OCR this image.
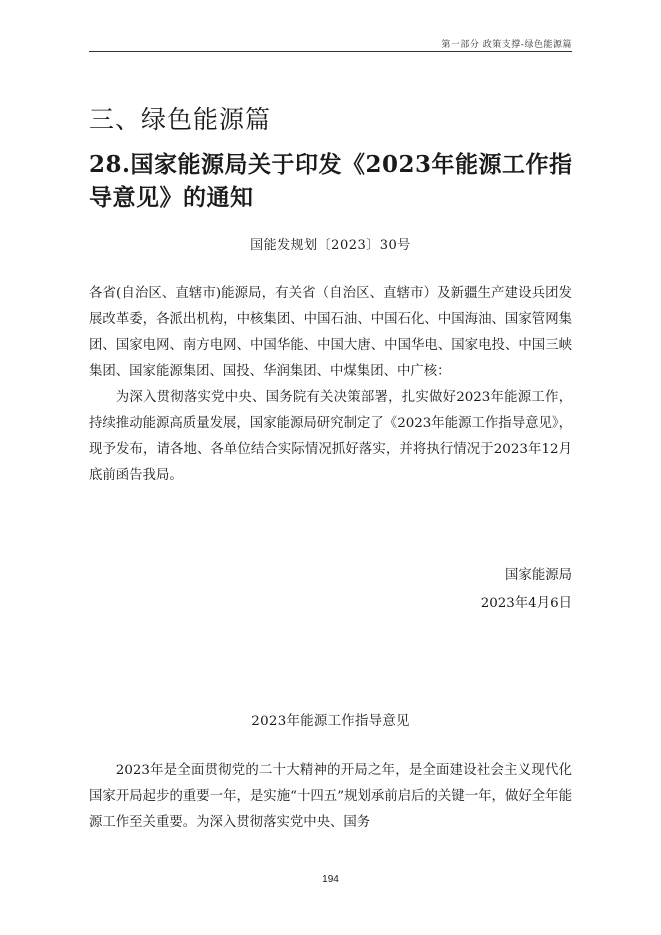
第一部分 政策支撑-绿色能源篇
三、绿色能源篇
28.国家能源局关于印发《2023年能源工作指导意见》的通知
国能发规划〔2023〕30号

各省(自治区、直辖市)能源局，有关省（自治区、直辖市）及新疆生产建设兵团发展改革委，各派出机构，中核集团、中国石油、中国石化、中国海油、国家管网集团、国家电网、南方电网、中国华能、中国大唐、中国华电、国家电投、中国三峡集团、国家能源集团、国投、华润集团、中煤集团、中广核：

为深入贯彻落实党中央、国务院有关决策部署，扎实做好2023年能源工作，持续推动能源高质量发展，国家能源局研究制定了《2023年能源工作指导意见》，现予发布，请各地、各单位结合实际情况抓好落实，并将执行情况于2023年12月底前函告我局。

国家能源局
2023年4月6日
2023年能源工作指导意见

2023年是全面贯彻党的二十大精神的开局之年，是全面建设社会主义现代化国家开局起步的重要一年，是实施“十四五”规划承前启后的关键一年，做好全年能源工作至关重要。为深入贯彻落实党中央、国务

194
